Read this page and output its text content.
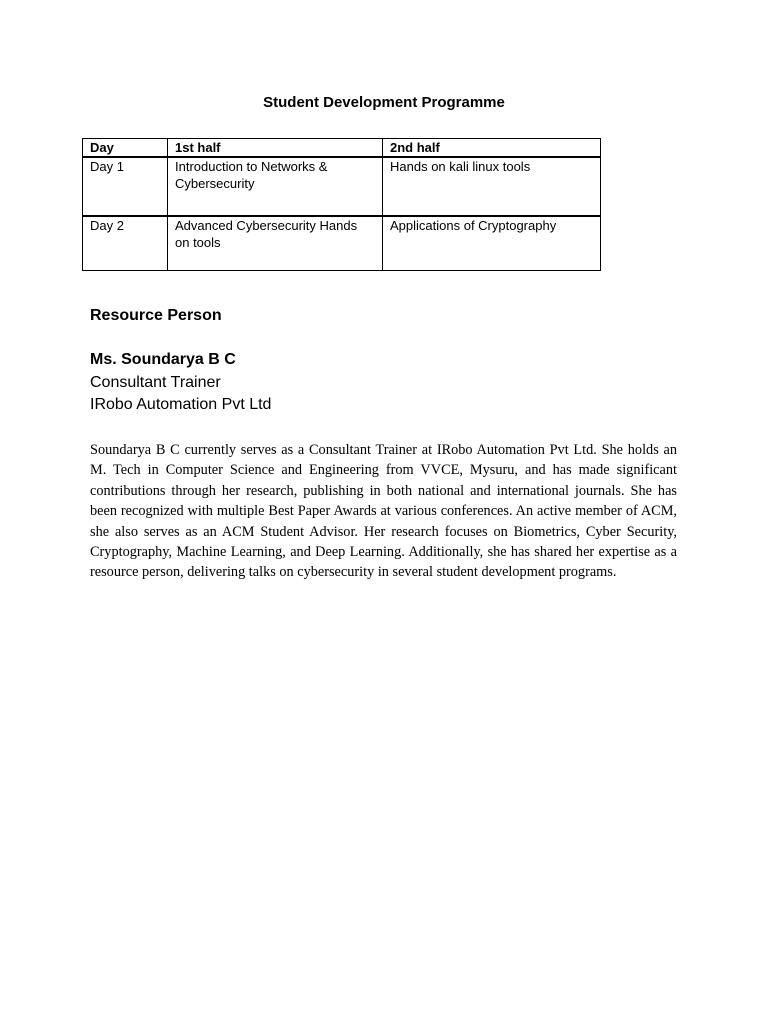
Student Development Programme
Day	1st half	2nd half
Day 1	Introduction to Networks & Cybersecurity	Hands on kali linux tools
Day 2	Advanced Cybersecurity Hands on tools	Applications of Cryptography
Resource Person
Ms. Soundarya B C
Consultant Trainer
IRobo Automation Pvt Ltd

Soundarya B C currently serves as a Consultant Trainer at IRobo Automation Pvt Ltd. She holds an M. Tech in Computer Science and Engineering from VVCE, Mysuru, and has made significant contributions through her research, publishing in both national and international journals. She has been recognized with multiple Best Paper Awards at various conferences. An active member of ACM, she also serves as an ACM Student Advisor. Her research focuses on Biometrics, Cyber Security, Cryptography, Machine Learning, and Deep Learning. Additionally, she has shared her expertise as a resource person, delivering talks on cybersecurity in several student development programs.
